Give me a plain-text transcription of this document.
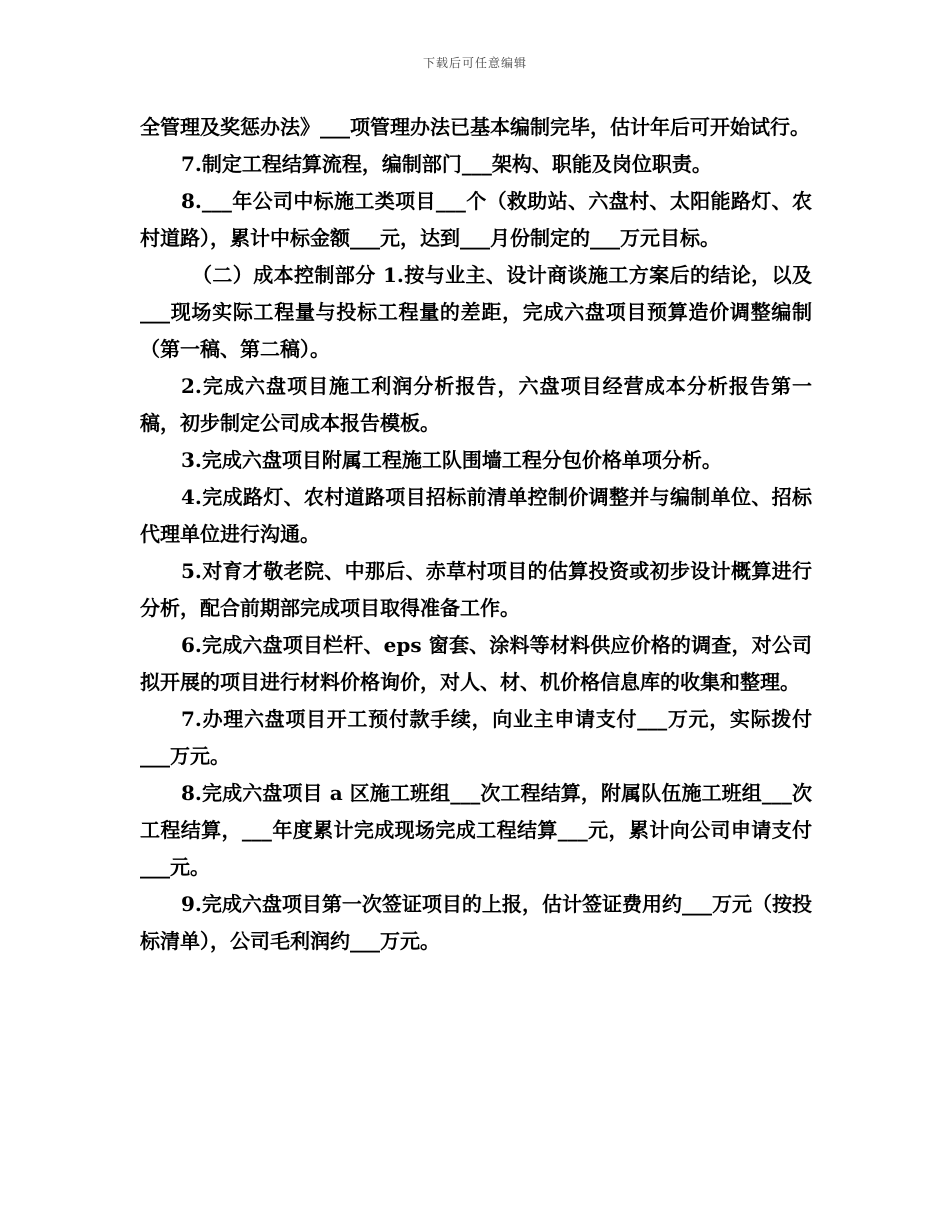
下载后可任意编辑

全管理及奖惩办法》___项管理办法已基本编制完毕，估计年后可开始试行。

7.制定工程结算流程，编制部门___架构、职能及岗位职责。

8.___年公司中标施工类项目___个（救助站、六盘村、太阳能路灯、农村道路），累计中标金额___元，达到___月份制定的___万元目标。

（二）成本控制部分 1.按与业主、设计商谈施工方案后的结论，以及___现场实际工程量与投标工程量的差距，完成六盘项目预算造价调整编制（第一稿、第二稿）。

2.完成六盘项目施工利润分析报告，六盘项目经营成本分析报告第一稿，初步制定公司成本报告模板。

3.完成六盘项目附属工程施工队围墙工程分包价格单项分析。

4.完成路灯、农村道路项目招标前清单控制价调整并与编制单位、招标代理单位进行沟通。

5.对育才敬老院、中那后、赤草村项目的估算投资或初步设计概算进行分析，配合前期部完成项目取得准备工作。

6.完成六盘项目栏杆、eps 窗套、涂料等材料供应价格的调查，对公司拟开展的项目进行材料价格询价，对人、材、机价格信息库的收集和整理。

7.办理六盘项目开工预付款手续，向业主申请支付___万元，实际拨付___万元。

8.完成六盘项目 a 区施工班组___次工程结算，附属队伍施工班组___次工程结算，___年度累计完成现场完成工程结算___元，累计向公司申请支付___元。

9.完成六盘项目第一次签证项目的上报，估计签证费用约___万元（按投标清单），公司毛利润约___万元。
